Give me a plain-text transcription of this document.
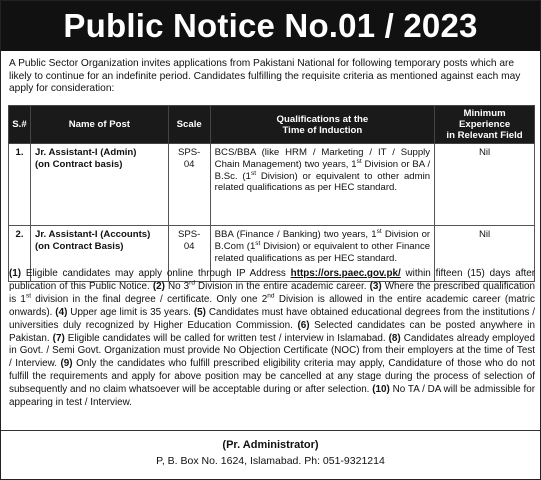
Public Notice No.01 / 2023

A Public Sector Organization invites applications from Pakistani National for following temporary posts which are likely to continue for an indefinite period. Candidates fulfilling the requisite criteria as mentioned against each may apply for consideration:

S.#	Name of Post	Scale	Qualifications at the
Time of Induction	Minimum Experience
in Relevant Field
1.	Jr. Assistant-I (Admin)
(on Contract basis)	SPS-04	BCS/BBA (like HRM / Marketing / IT / Supply Chain Management) two years, 1st Division or BA / B.Sc. (1st Division) or equivalent to other admin related qualifications as per HEC standard.	Nil
2.	Jr. Assistant-I (Accounts)
(on Contract Basis)	SPS-04	BBA (Finance / Banking) two years, 1st Division or B.Com (1st Division) or equivalent to other Finance related qualifications as per HEC standard.	Nil

(1) Eligible candidates may apply online through IP Address https://ors.paec.gov.pk/ within fifteen (15) days after publication of this Public Notice. (2) No 3rd Division in the entire academic career. (3) Where the prescribed qualification is 1st division in the final degree / certificate. Only one 2nd Division is allowed in the entire academic career (matric onwards). (4) Upper age limit is 35 years. (5) Candidates must have obtained educational degrees from the institutions / universities duly recognized by Higher Education Commission. (6) Selected candidates can be posted anywhere in Pakistan. (7) Eligible candidates will be called for written test / interview in Islamabad. (8) Candidates already employed in Govt. / Semi Govt. Organization must provide No Objection Certificate (NOC) from their employers at the time of Test / Interview. (9) Only the candidates who fulfill prescribed eligibility criteria may apply, Candidature of those who do not fulfill the requirements and apply for above position may be cancelled at any stage during the process of selection of subsequently and no claim whatsoever will be acceptable during or after selection. (10) No TA / DA will be admissible for appearing in test / Interview.

(Pr. Administrator)
P, B. Box No. 1624, Islamabad. Ph: 051-9321214
